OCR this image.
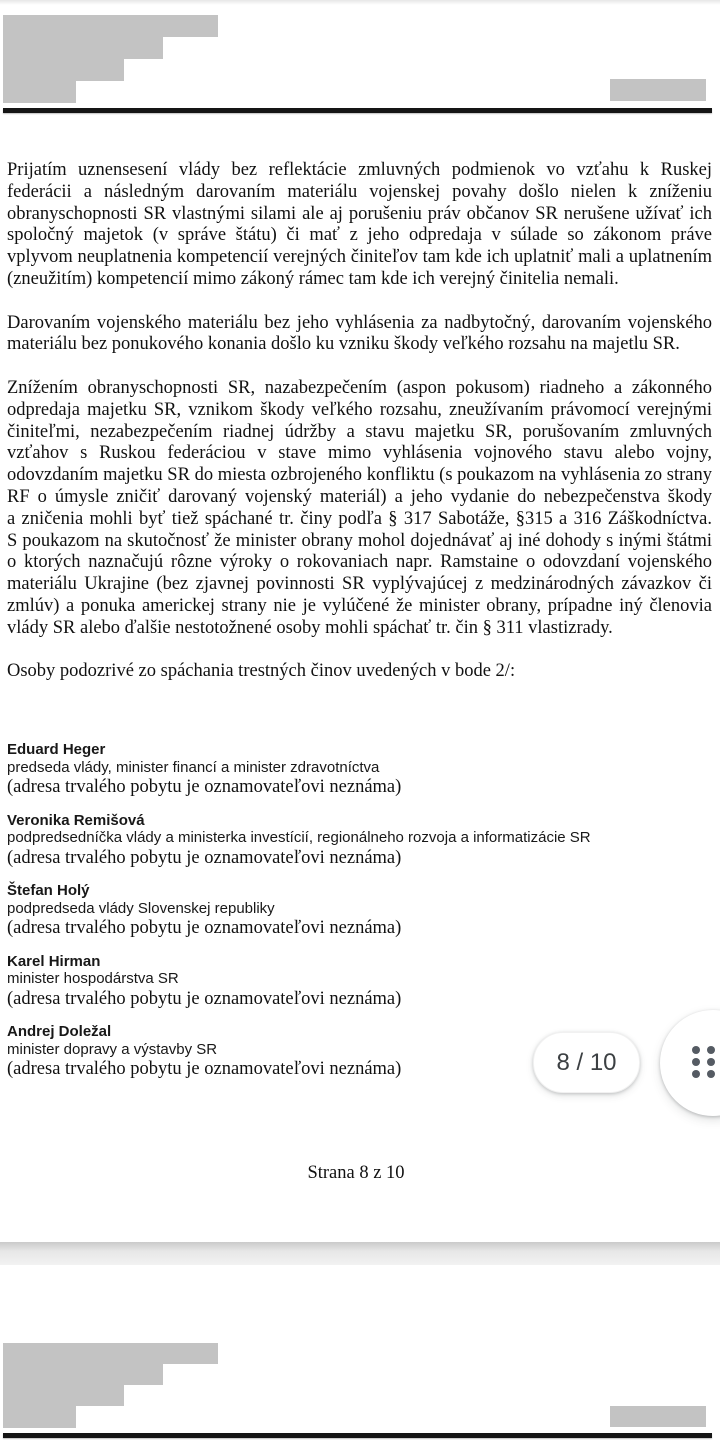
Prijatím uznensesení vlády bez reflektácie zmluvných podmienok vo vzťahu k Ruskej federácii a následným darovaním materiálu vojenskej povahy došlo nielen k zníženiu obranyschopnosti SR vlastnými silami ale aj porušeniu práv občanov SR nerušene užívať ich spoločný majetok (v správe štátu) či mať z jeho odpredaja v súlade so zákonom práve vplyvom neuplatnenia kompetencií verejných činiteľov tam kde ich uplatniť mali a uplatnením (zneužitím) kompetencií mimo zákoný rámec tam kde ich verejný činitelia nemali.

Darovaním vojenského materiálu bez jeho vyhlásenia za nadbytočný, darovaním vojenského materiálu bez ponukového konania došlo ku vzniku škody veľkého rozsahu na majetlu SR.

Znížením obranyschopnosti SR, nazabezpečením (aspon pokusom) riadneho a zákonného odpredaja majetku SR, vznikom škody veľkého rozsahu, zneužívaním právomocí verejnými činiteľmi, nezabezpečením riadnej údržby a stavu majetku SR, porušovaním zmluvných vzťahov s Ruskou federáciou v stave mimo vyhlásenia vojnového stavu alebo vojny, odovzdaním majetku SR do miesta ozbrojeného konfliktu (s poukazom na vyhlásenia zo strany RF o úmysle zničiť darovaný vojenský materiál) a jeho vydanie do nebezpečenstva škody a zničenia mohli byť tiež spáchané tr. činy podľa § 317 Sabotáže, §315 a 316 Záškodníctva. S poukazom na skutočnosť že minister obrany mohol dojednávať aj iné dohody s inými štátmi o ktorých naznačujú rôzne výroky o rokovaniach napr. Ramstaine o odovzdaní vojenského materiálu Ukrajine (bez zjavnej povinnosti SR vyplývajúcej z medzinárodných závazkov či zmlúv) a ponuka americkej strany nie je vylúčené že minister obrany, prípadne iný členovia vlády SR alebo ďalšie nestotožnené osoby mohli spáchať tr. čin § 311 vlastizrady.

Osoby podozrivé zo spáchania trestných činov uvedených v bode 2/:

Eduard Heger
predseda vlády, minister financí a minister zdravotníctva
(adresa trvalého pobytu je oznamovateľovi neznáma)
Veronika Remišová
podpredsedníčka vlády a ministerka investícií, regionálneho rozvoja a informatizácie SR
(adresa trvalého pobytu je oznamovateľovi neznáma)
Štefan Holý
podpredseda vlády Slovenskej republiky
(adresa trvalého pobytu je oznamovateľovi neznáma)
Karel Hirman
minister hospodárstva SR
(adresa trvalého pobytu je oznamovateľovi neznáma)
Andrej Doležal
minister dopravy a výstavby SR
(adresa trvalého pobytu je oznamovateľovi neznáma)
Strana 8 z 10
8 / 10
